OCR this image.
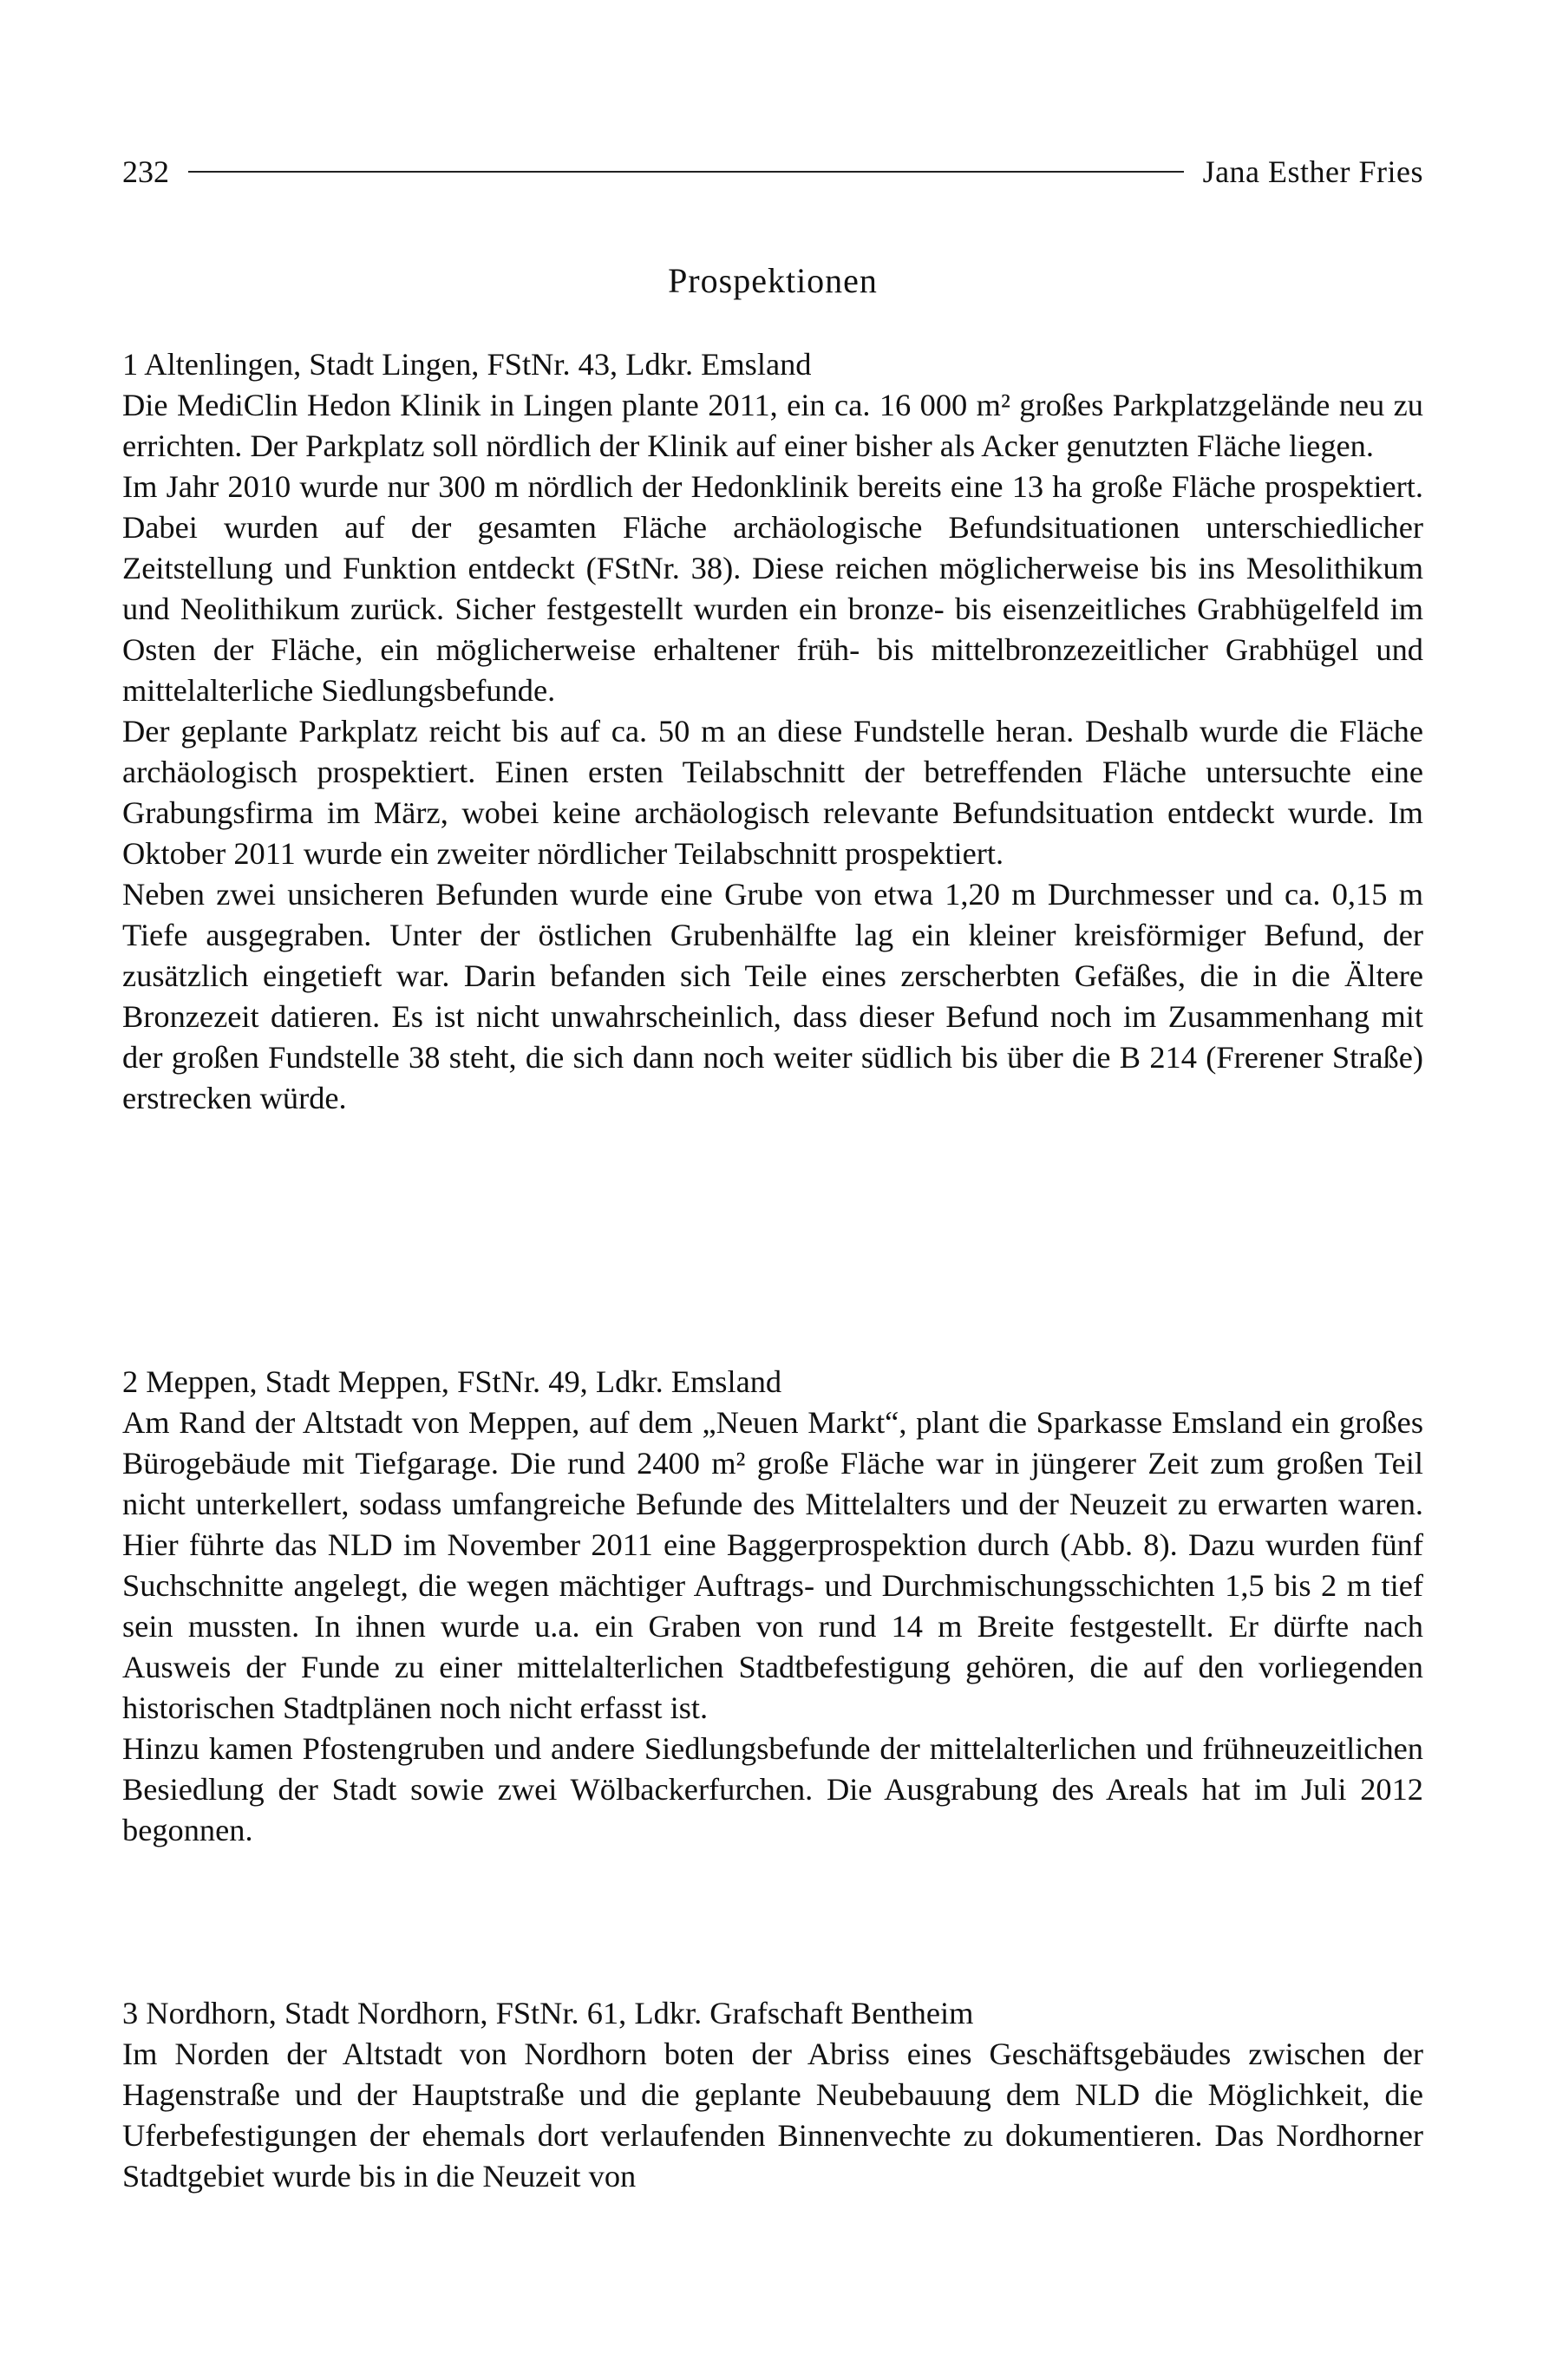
232	Jana Esther Fries
Prospektionen
1 Altenlingen, Stadt Lingen, FStNr. 43, Ldkr. Emsland

Die MediClin Hedon Klinik in Lingen plante 2011, ein ca. 16 000 m² großes Parkplatzgelände neu zu errichten. Der Parkplatz soll nördlich der Klinik auf einer bisher als Acker genutzten Fläche liegen.

Im Jahr 2010 wurde nur 300 m nördlich der Hedonklinik bereits eine 13 ha große Fläche prospektiert. Dabei wurden auf der gesamten Fläche archäologische Befundsituationen unterschiedlicher Zeitstellung und Funktion entdeckt (FStNr. 38). Diese reichen möglicherweise bis ins Mesolithikum und Neolithikum zurück. Sicher festgestellt wurden ein bronze- bis eisenzeitliches Grabhügelfeld im Osten der Fläche, ein möglicherweise erhaltener früh- bis mittelbronzezeitlicher Grabhügel und mittelalterliche Siedlungsbefunde.

Der geplante Parkplatz reicht bis auf ca. 50 m an diese Fundstelle heran. Deshalb wurde die Fläche archäologisch prospektiert. Einen ersten Teilabschnitt der betreffenden Fläche untersuchte eine Grabungsfirma im März, wobei keine archäologisch relevante Befundsituation entdeckt wurde. Im Oktober 2011 wurde ein zweiter nördlicher Teilabschnitt prospektiert.

Neben zwei unsicheren Befunden wurde eine Grube von etwa 1,20 m Durchmesser und ca. 0,15 m Tiefe ausgegraben. Unter der östlichen Grubenhälfte lag ein kleiner kreisförmiger Befund, der zusätzlich eingetieft war. Darin befanden sich Teile eines zerscherbten Gefäßes, die in die Ältere Bronzezeit datieren. Es ist nicht unwahrscheinlich, dass dieser Befund noch im Zusammenhang mit der großen Fundstelle 38 steht, die sich dann noch weiter südlich bis über die B 214 (Frerener Straße) erstrecken würde.

2 Meppen, Stadt Meppen, FStNr. 49, Ldkr. Emsland

Am Rand der Altstadt von Meppen, auf dem „Neuen Markt“, plant die Sparkasse Emsland ein großes Bürogebäude mit Tiefgarage. Die rund 2400 m² große Fläche war in jüngerer Zeit zum großen Teil nicht unterkellert, sodass umfangreiche Befunde des Mittelalters und der Neuzeit zu erwarten waren. Hier führte das NLD im November 2011 eine Baggerprospektion durch (Abb. 8). Dazu wurden fünf Suchschnitte angelegt, die wegen mächtiger Auftrags- und Durchmischungsschichten 1,5 bis 2 m tief sein mussten. In ihnen wurde u.a. ein Graben von rund 14 m Breite festgestellt. Er dürfte nach Ausweis der Funde zu einer mittelalterlichen Stadtbefestigung gehören, die auf den vorliegenden historischen Stadtplänen noch nicht erfasst ist.

Hinzu kamen Pfostengruben und andere Siedlungsbefunde der mittelalterlichen und frühneuzeitlichen Besiedlung der Stadt sowie zwei Wölbackerfurchen. Die Ausgrabung des Areals hat im Juli 2012 begonnen.

3 Nordhorn, Stadt Nordhorn, FStNr. 61, Ldkr. Grafschaft Bentheim

Im Norden der Altstadt von Nordhorn boten der Abriss eines Geschäftsgebäudes zwischen der Hagenstraße und der Hauptstraße und die geplante Neubebauung dem NLD die Möglichkeit, die Uferbefestigungen der ehemals dort verlaufenden Binnenvechte zu dokumentieren. Das Nordhorner Stadtgebiet wurde bis in die Neuzeit von
